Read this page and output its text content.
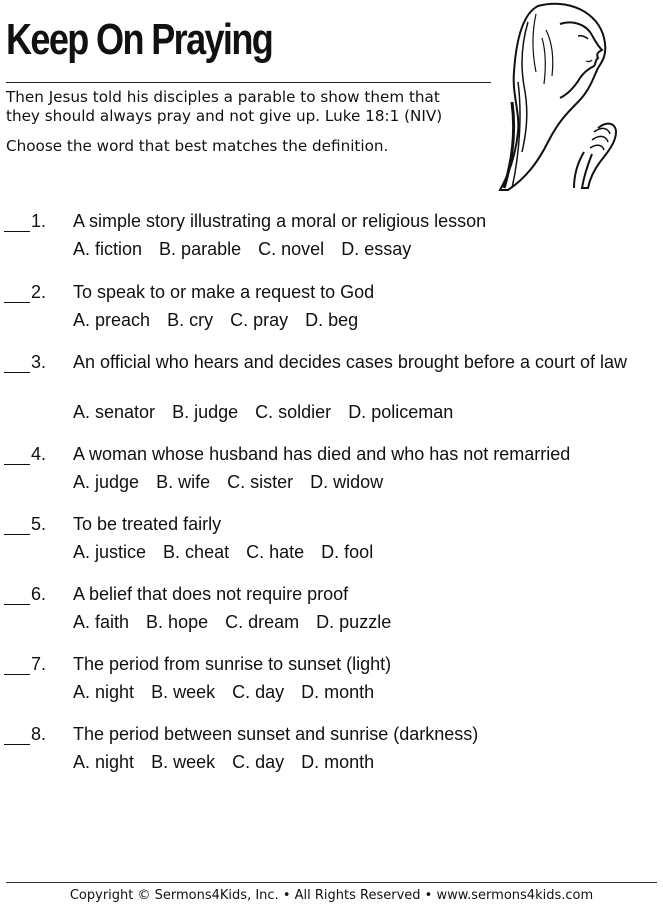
Keep On Praying
Then Jesus told his disciples a parable to show them that
they should always pray and not give up. Luke 18:1 (NIV)
Choose the word that best matches the definition.
1. A simple story illustrating a moral or religious lesson
A. fiction B. parable C. novel D. essay
2. To speak to or make a request to God
A. preach B. cry C. pray D. beg
3. An official who hears and decides cases brought before a court of law
A. senator B. judge C. soldier D. policeman
4. A woman whose husband has died and who has not remarried
A. judge B. wife C. sister D. widow
5. To be treated fairly
A. justice B. cheat C. hate D. fool
6. A belief that does not require proof
A. faith B. hope C. dream D. puzzle
7. The period from sunrise to sunset (light)
A. night B. week C. day D. month
8. The period between sunset and sunrise (darkness)
A. night B. week C. day D. month
Copyright © Sermons4Kids, Inc. • All Rights Reserved • www.sermons4kids.com
